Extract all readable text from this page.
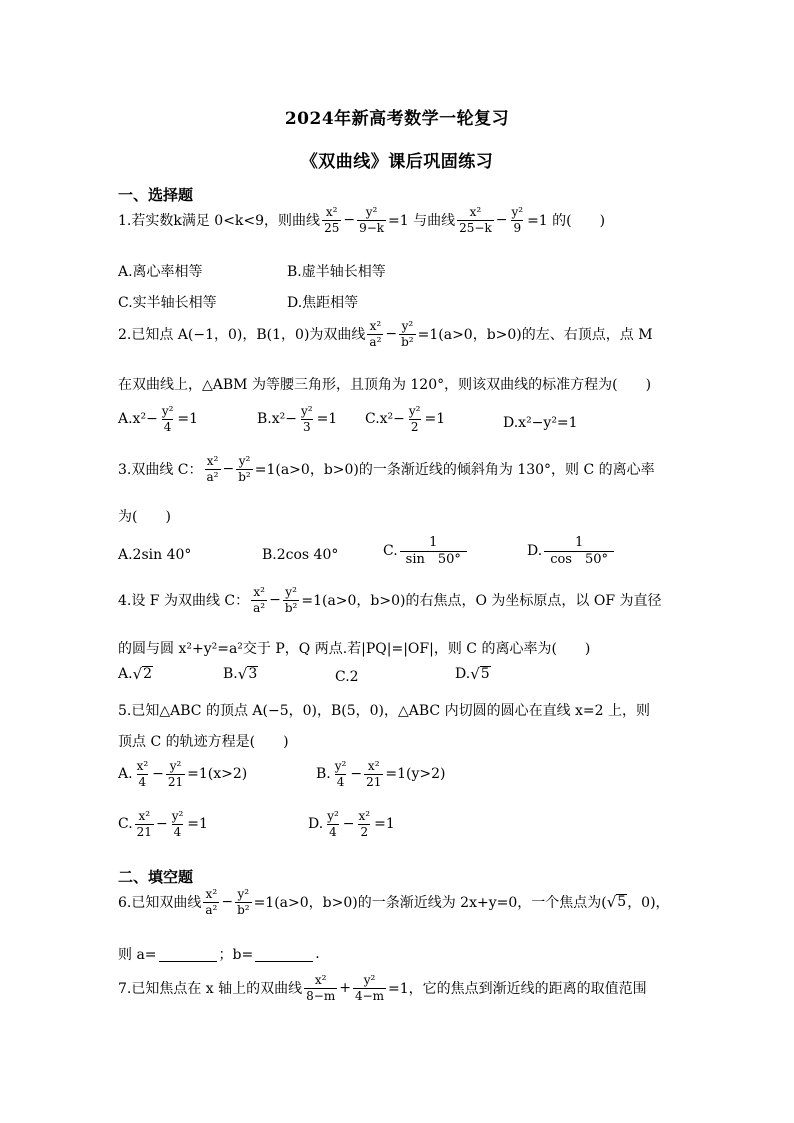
2024年新高考数学一轮复习
《双曲线》课后巩固练习
一、选择题
1.若实数k满足 0<k<9，则曲线 $\frac{\text{x²}}{25} - \frac{\text{y²}}{9-k} =1$ 与曲线 $\frac{\text{x²}}{25-k} - \frac{\text{y²}}{9} =1$ 的(　　)
A.离心率相等	B.虚半轴长相等
C.实半轴长相等	D.焦距相等
2.已知点 A(−1，0)，B(1，0)为双曲线 $\frac{\text{x²}}{\text{a²}} - \frac{\text{y²}}{\text{b²}} =1(a>0$，b>0)的左、右顶点，点 M
在双曲线上，△ABM 为等腰三角形，且顶角为 120°，则该双曲线的标准方程为(　　)
$A.x^2- \frac{\text{y²}}{4} =1$	$B.x^2- \frac{\text{y²}}{3} =1$ $C.x^2- \frac{\text{y²}}{2} =1$	D.x²−y²=1
3.双曲线 C： $\frac{\text{x²}}{\text{a²}} - \frac{\text{y²}}{\text{b²}} =1(a>0$，b>0)的一条渐近线的倾斜角为 130°，则 C 的离心率
为(　　)
A.2sin 40°	B.2cos 40°	C. $\frac{1}{\sin 50^\circ}$	D. $\frac{1}{\cos 50^\circ}$
4.设 F 为双曲线 C： $\frac{\text{x²}}{\text{a²}} - \frac{\text{y²}}{\text{b²}} =1(a>0$，b>0)的右焦点，O 为坐标原点，以 OF 为直径
的圆与圆 x²+y²=a²交于 P，Q 两点.若|PQ|=|OF|，则 C 的离心率为(　　)
A. √ 2	B. √ 3	C.2	D. √ 5
5.已知△ABC 的顶点 A(−5，0)，B(5，0)，△ABC 内切圆的圆心在直线 x=2 上，则
顶点 C 的轨迹方程是(　　)
A. $\frac{\text{x²}}{4} - \frac{\text{y²}}{21} =1(x>2)$	B. $\frac{\text{y²}}{4} - \frac{\text{x²}}{21} =1(y>2)$
C. $\frac{\text{x²}}{21} - \frac{\text{y²}}{4} =1$	D. $\frac{\text{y²}}{4} - \frac{\text{x²}}{2} =1$
二、填空题
6.已知双曲线 $\frac{\text{x²}}{\text{a²}} - \frac{\text{y²}}{\text{b²}} =1(a>0$，b>0)的一条渐近线为 2x+y=0，一个焦点为( √ 5 ，0)，
则 a=	；b=	.
7.已知焦点在 x 轴上的双曲线 $\frac{\text{x²}}{8-m} + \frac{\text{y²}}{4-m} =1$，它的焦点到渐近线的距离的取值范围
